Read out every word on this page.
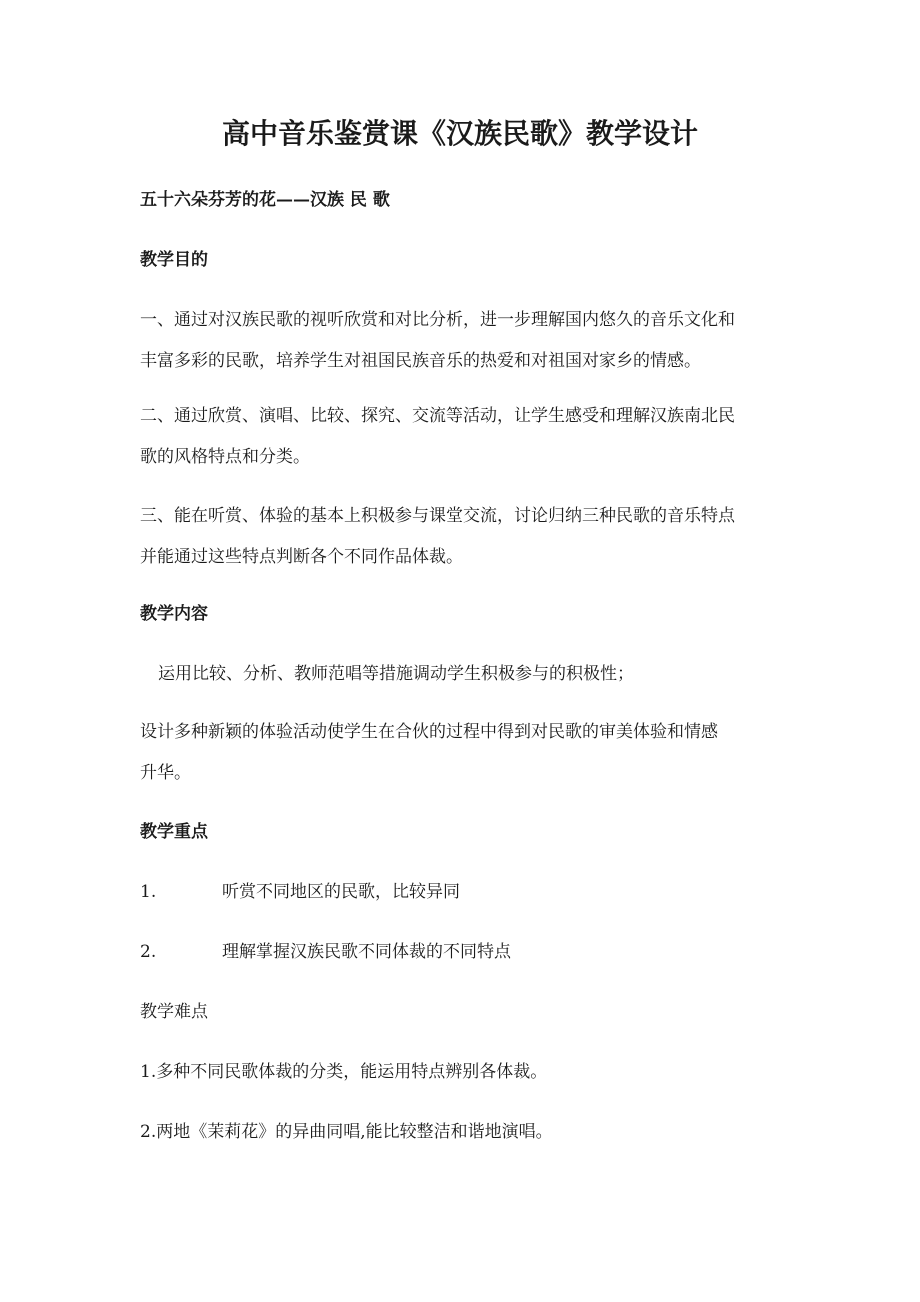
高中音乐鉴赏课《汉族民歌》教学设计

五十六朵芬芳的花——汉族 民 歌

教学目的

一、通过对汉族民歌的视听欣赏和对比分析，进一步理解国内悠久的音乐文化和
丰富多彩的民歌，培养学生对祖国民族音乐的热爱和对祖国对家乡的情感。
二、通过欣赏、演唱、比较、探究、交流等活动，让学生感受和理解汉族南北民
歌的风格特点和分类。
三、能在听赏、体验的基本上积极参与课堂交流，讨论归纳三种民歌的音乐特点
并能通过这些特点判断各个不同作品体裁。

教学内容

运用比较、分析、教师范唱等措施调动学生积极参与的积极性；

设计多种新颖的体验活动使学生在合伙的过程中得到对民歌的审美体验和情感
升华。

教学重点

1.	听赏不同地区的民歌，比较异同

2.	理解掌握汉族民歌不同体裁的不同特点

教学难点

1.多种不同民歌体裁的分类，能运用特点辨别各体裁。

2.两地《茉莉花》的异曲同唱,能比较整洁和谐地演唱。
